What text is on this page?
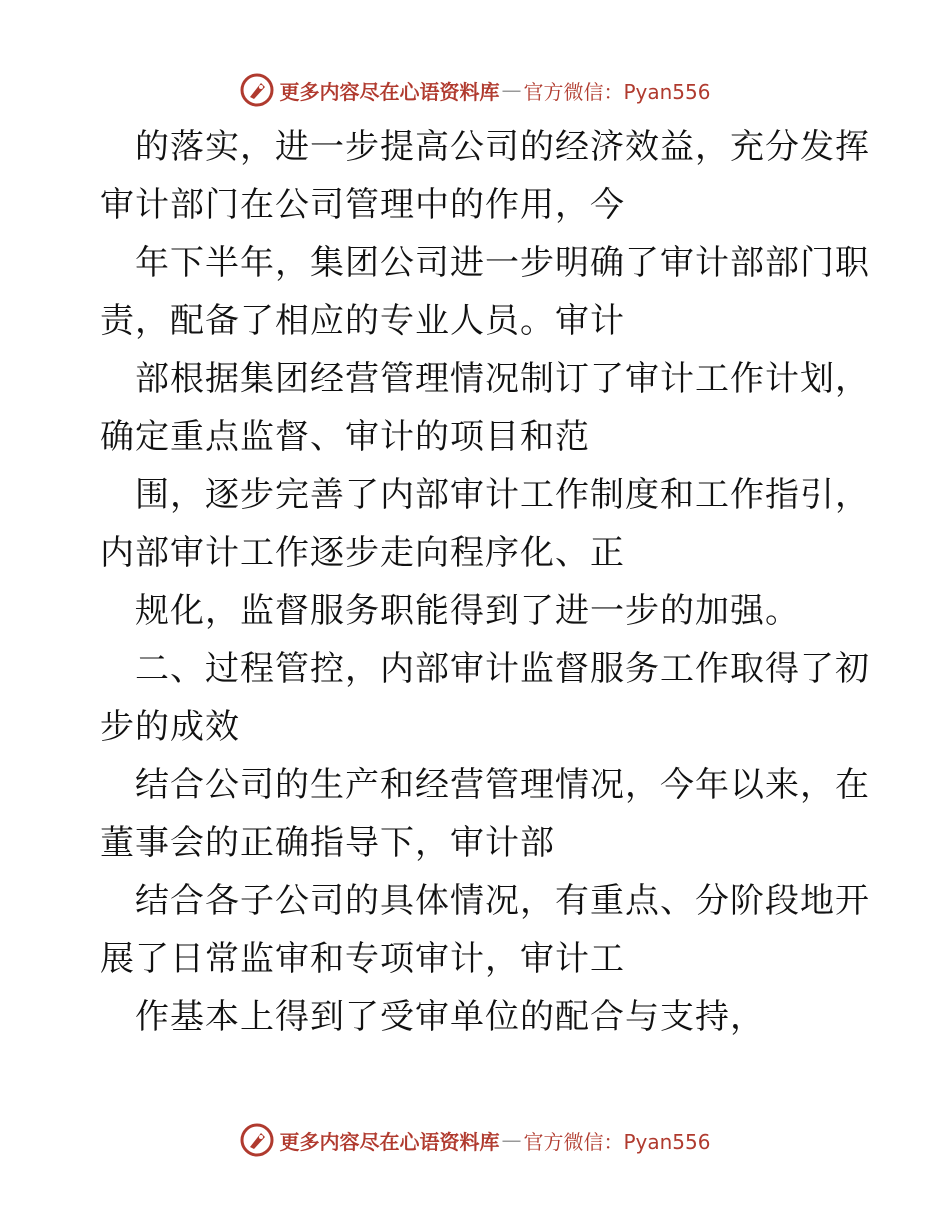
更多内容尽在心语资料库 — 官方微信：Pyan556
的落实，进一步提高公司的经济效益，充分发挥
审计部门在公司管理中的作用，今
年下半年，集团公司进一步明确了审计部部门职
责，配备了相应的专业人员。审计
部根据集团经营管理情况制订了审计工作计划，
确定重点监督、审计的项目和范
围，逐步完善了内部审计工作制度和工作指引，
内部审计工作逐步走向程序化、正
规化，监督服务职能得到了进一步的加强。
二、过程管控，内部审计监督服务工作取得了初
步的成效
结合公司的生产和经营管理情况，今年以来，在
董事会的正确指导下，审计部
结合各子公司的具体情况，有重点、分阶段地开
展了日常监审和专项审计，审计工
作基本上得到了受审单位的配合与支持，
更多内容尽在心语资料库 — 官方微信：Pyan556
